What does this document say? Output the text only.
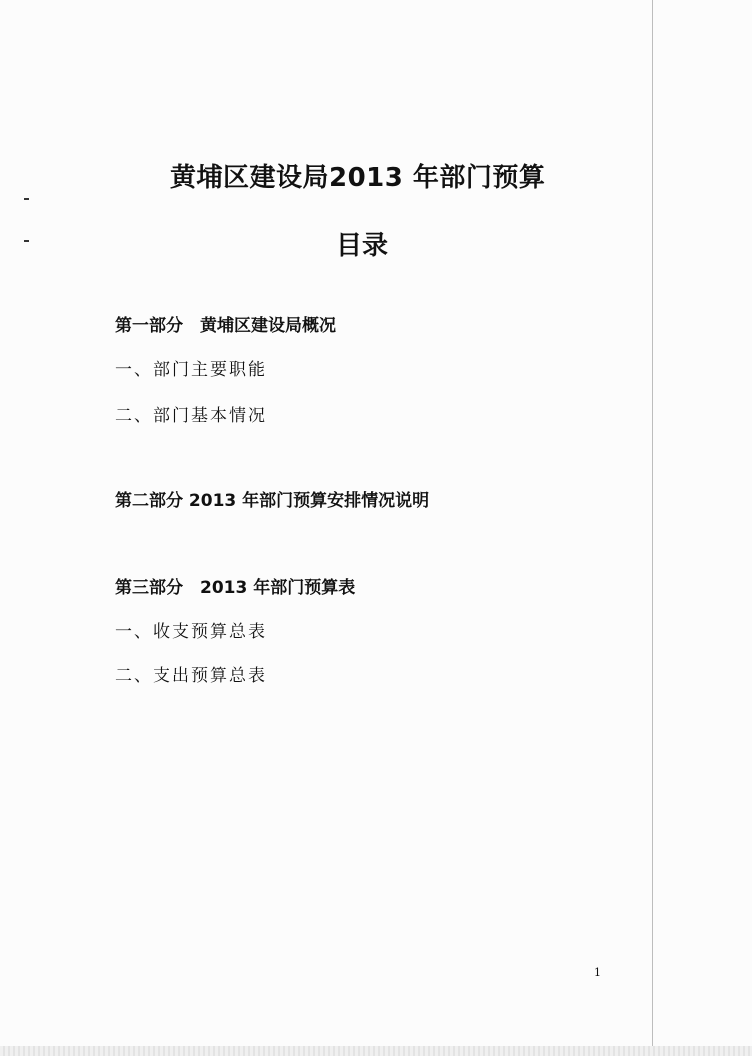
黄埔区建设局2013 年部门预算
目录
第一部分　黄埔区建设局概况
一、部门主要职能
二、部门基本情况
第二部分 2013 年部门预算安排情况说明
第三部分　2013 年部门预算表
一、收支预算总表
二、支出预算总表
1
